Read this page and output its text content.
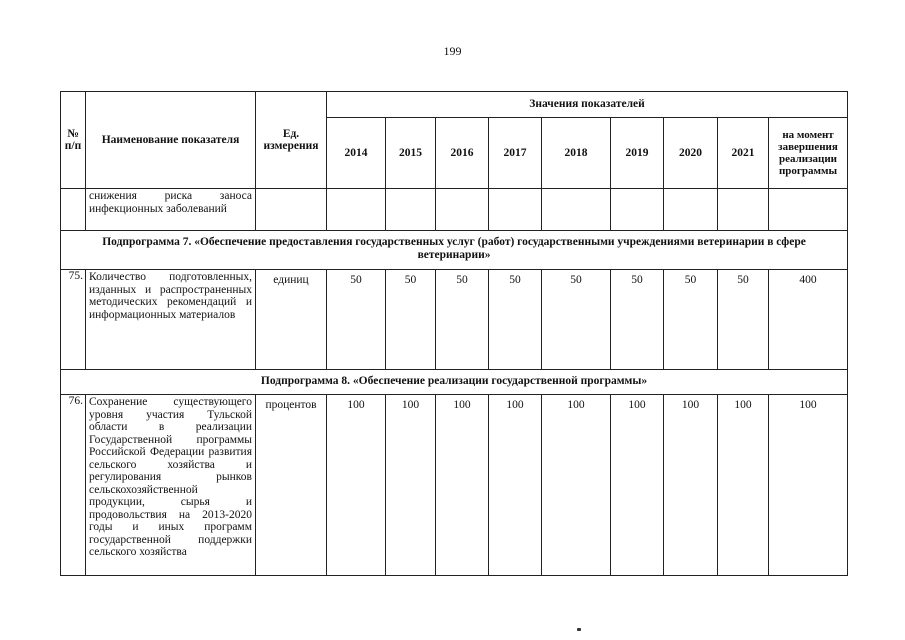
199
№ п/п	Наименование показателя	Ед. измерения	Значения показателей								
			2014	2015	2016	2017	2018	2019	2020	2021	на момент завершения реализации программы
	снижения риска заноса инфекционных заболеваний										
Подпрограмма 7. «Обеспечение предоставления государственных услуг (работ) государственными учреждениями ветеринарии в сфере ветеринарии»											
75.	Количество подготовленных, изданных и распространенных методических рекомендаций и информационных материалов	единиц	50	50	50	50	50	50	50	50	400
Подпрограмма 8. «Обеспечение реализации государственной программы»											
76.	Сохранение существующего уровня участия Тульской области в реализации Государственной программы Российской Федерации развития сельского хозяйства и регулирования рынков сельскохозяйственной продукции, сырья и продовольствия на 2013-2020 годы и иных программ государственной поддержки сельского хозяйства	процентов	100	100	100	100	100	100	100	100	100
